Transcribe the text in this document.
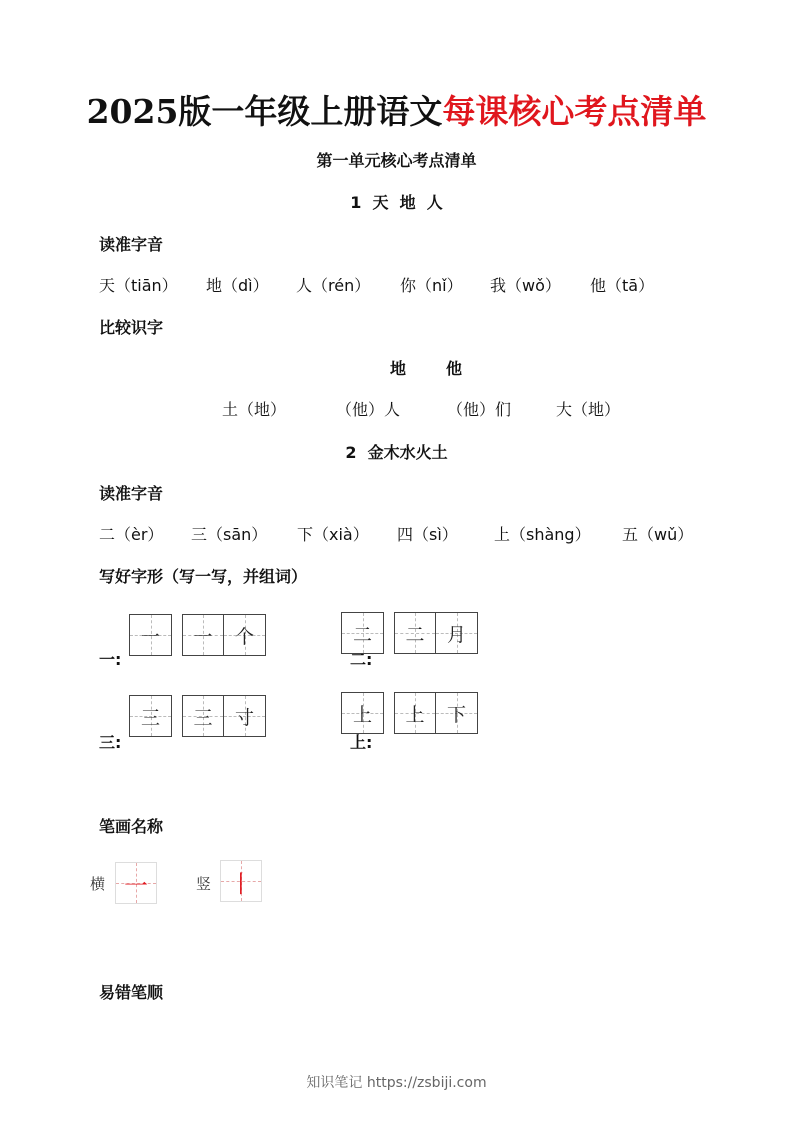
2025版一年级上册语文每课核心考点清单
第一单元核心考点清单
1  天  地  人
读准字音
天（tiān） 地（dì） 人（rén） 你（nǐ） 我（wǒ） 他（tā）
比较识字
地 他
土（地）	（他）人	（他）们	大（地）
2  金木水火土
读准字音
二（èr） 三（sān） 下（xià） 四（sì） 上（shàng） 五（wǔ）
写好字形（写一写，并组词）
一:
一 一 个
二:
二 二 月
三:
三 三 寸
上:
上 上 下
笔画名称
横 一	竖 丨
易错笔顺
知识笔记 https://zsbiji.com
